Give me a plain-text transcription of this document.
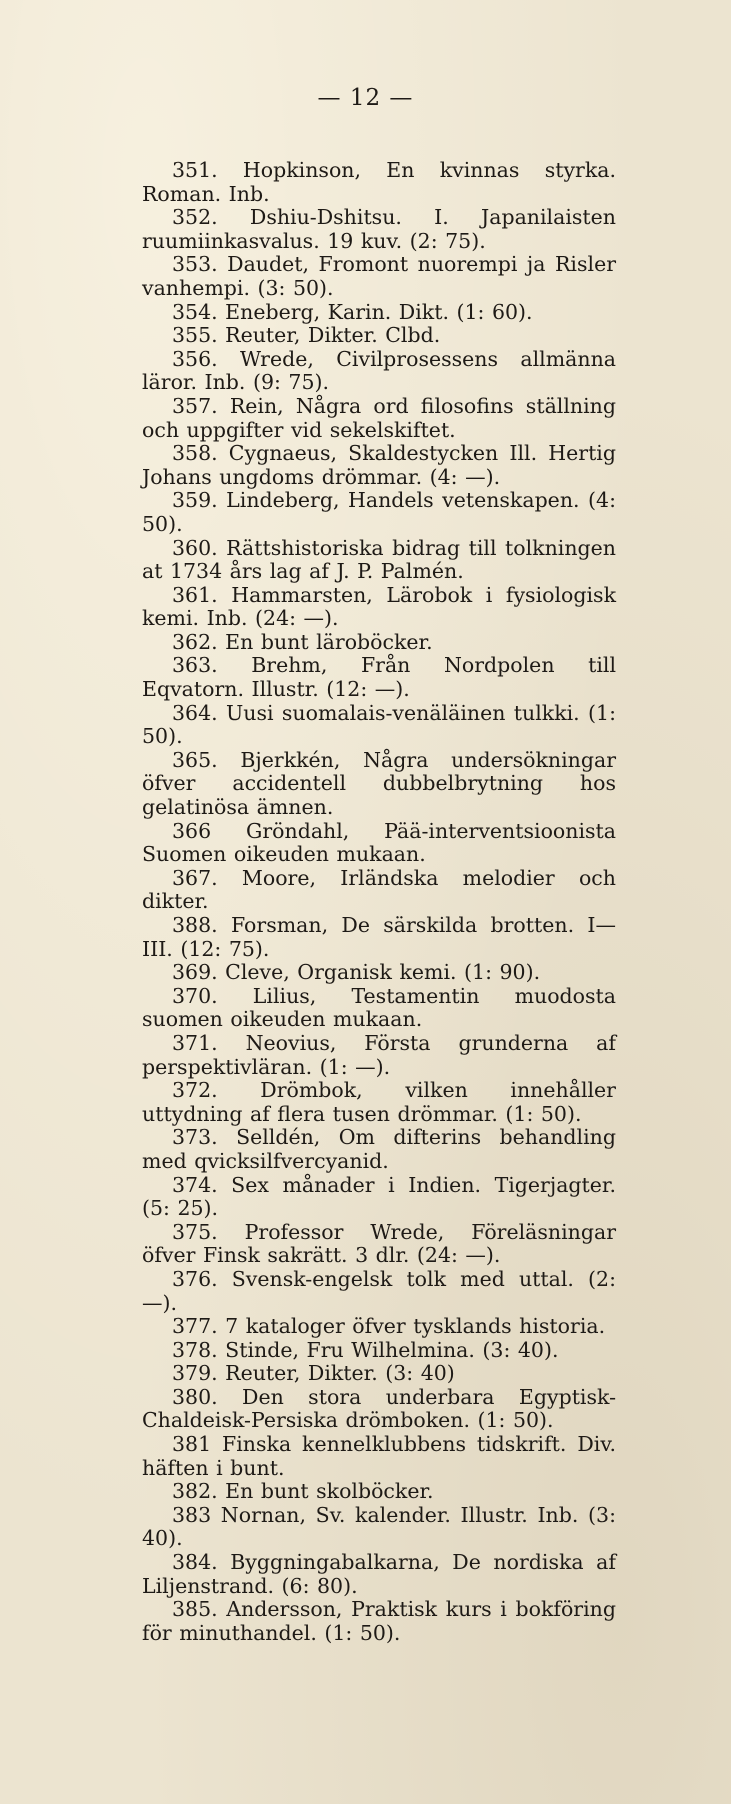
— 12 —

351. Hopkinson, En kvinnas styrka. Roman. Inb.

352. Dshiu-Dshitsu. I. Japanilaisten ruumiinkasvalus. 19 kuv. (2: 75).

353. Daudet, Fromont nuorempi ja Risler vanhempi. (3: 50).

354. Eneberg, Karin. Dikt. (1: 60).

355. Reuter, Dikter. Clbd.

356. Wrede, Civilprosessens allmänna läror. Inb. (9: 75).

357. Rein, Några ord filosofins ställning och uppgifter vid sekelskiftet.

358. Cygnaeus, Skaldestycken Ill. Hertig Johans ungdoms drömmar. (4: —).

359. Lindeberg, Handels vetenskapen. (4: 50).

360. Rättshistoriska bidrag till tolkningen at 1734 års lag af J. P. Palmén.

361. Hammarsten, Lärobok i fysiologisk kemi. Inb. (24: —).

362. En bunt läroböcker.

363. Brehm, Från Nordpolen till Eqvatorn. Illustr. (12: —).

364. Uusi suomalais-venäläinen tulkki. (1: 50).

365. Bjerkkén, Några undersökningar öfver accidentell dubbelbrytning hos gelatinösa ämnen.

366 Gröndahl, Pää-interventsioonista Suomen oikeuden mukaan.

367. Moore, Irländska melodier och dikter.

388. Forsman, De särskilda brotten. I—III. (12: 75).

369. Cleve, Organisk kemi. (1: 90).

370. Lilius, Testamentin muodosta suomen oikeuden mukaan.

371. Neovius, Första grunderna af perspektivläran. (1: —).

372. Drömbok, vilken innehåller uttydning af flera tusen drömmar. (1: 50).

373. Selldén, Om difterins behandling med qvicksilfvercyanid.

374. Sex månader i Indien. Tigerjagter. (5: 25).

375. Professor Wrede, Föreläsningar öfver Finsk sakrätt. 3 dlr. (24: —).

376. Svensk-engelsk tolk med uttal. (2: —).

377. 7 kataloger öfver tysklands historia.

378. Stinde, Fru Wilhelmina. (3: 40).

379. Reuter, Dikter. (3: 40)

380. Den stora underbara Egyptisk-Chaldeisk-Persiska drömboken. (1: 50).

381 Finska kennelklubbens tidskrift. Div. häften i bunt.

382. En bunt skolböcker.

383 Nornan, Sv. kalender. Illustr. Inb. (3: 40).

384. Byggningabalkarna, De nordiska af Liljenstrand. (6: 80).

385. Andersson, Praktisk kurs i bokföring för minuthandel. (1: 50).
